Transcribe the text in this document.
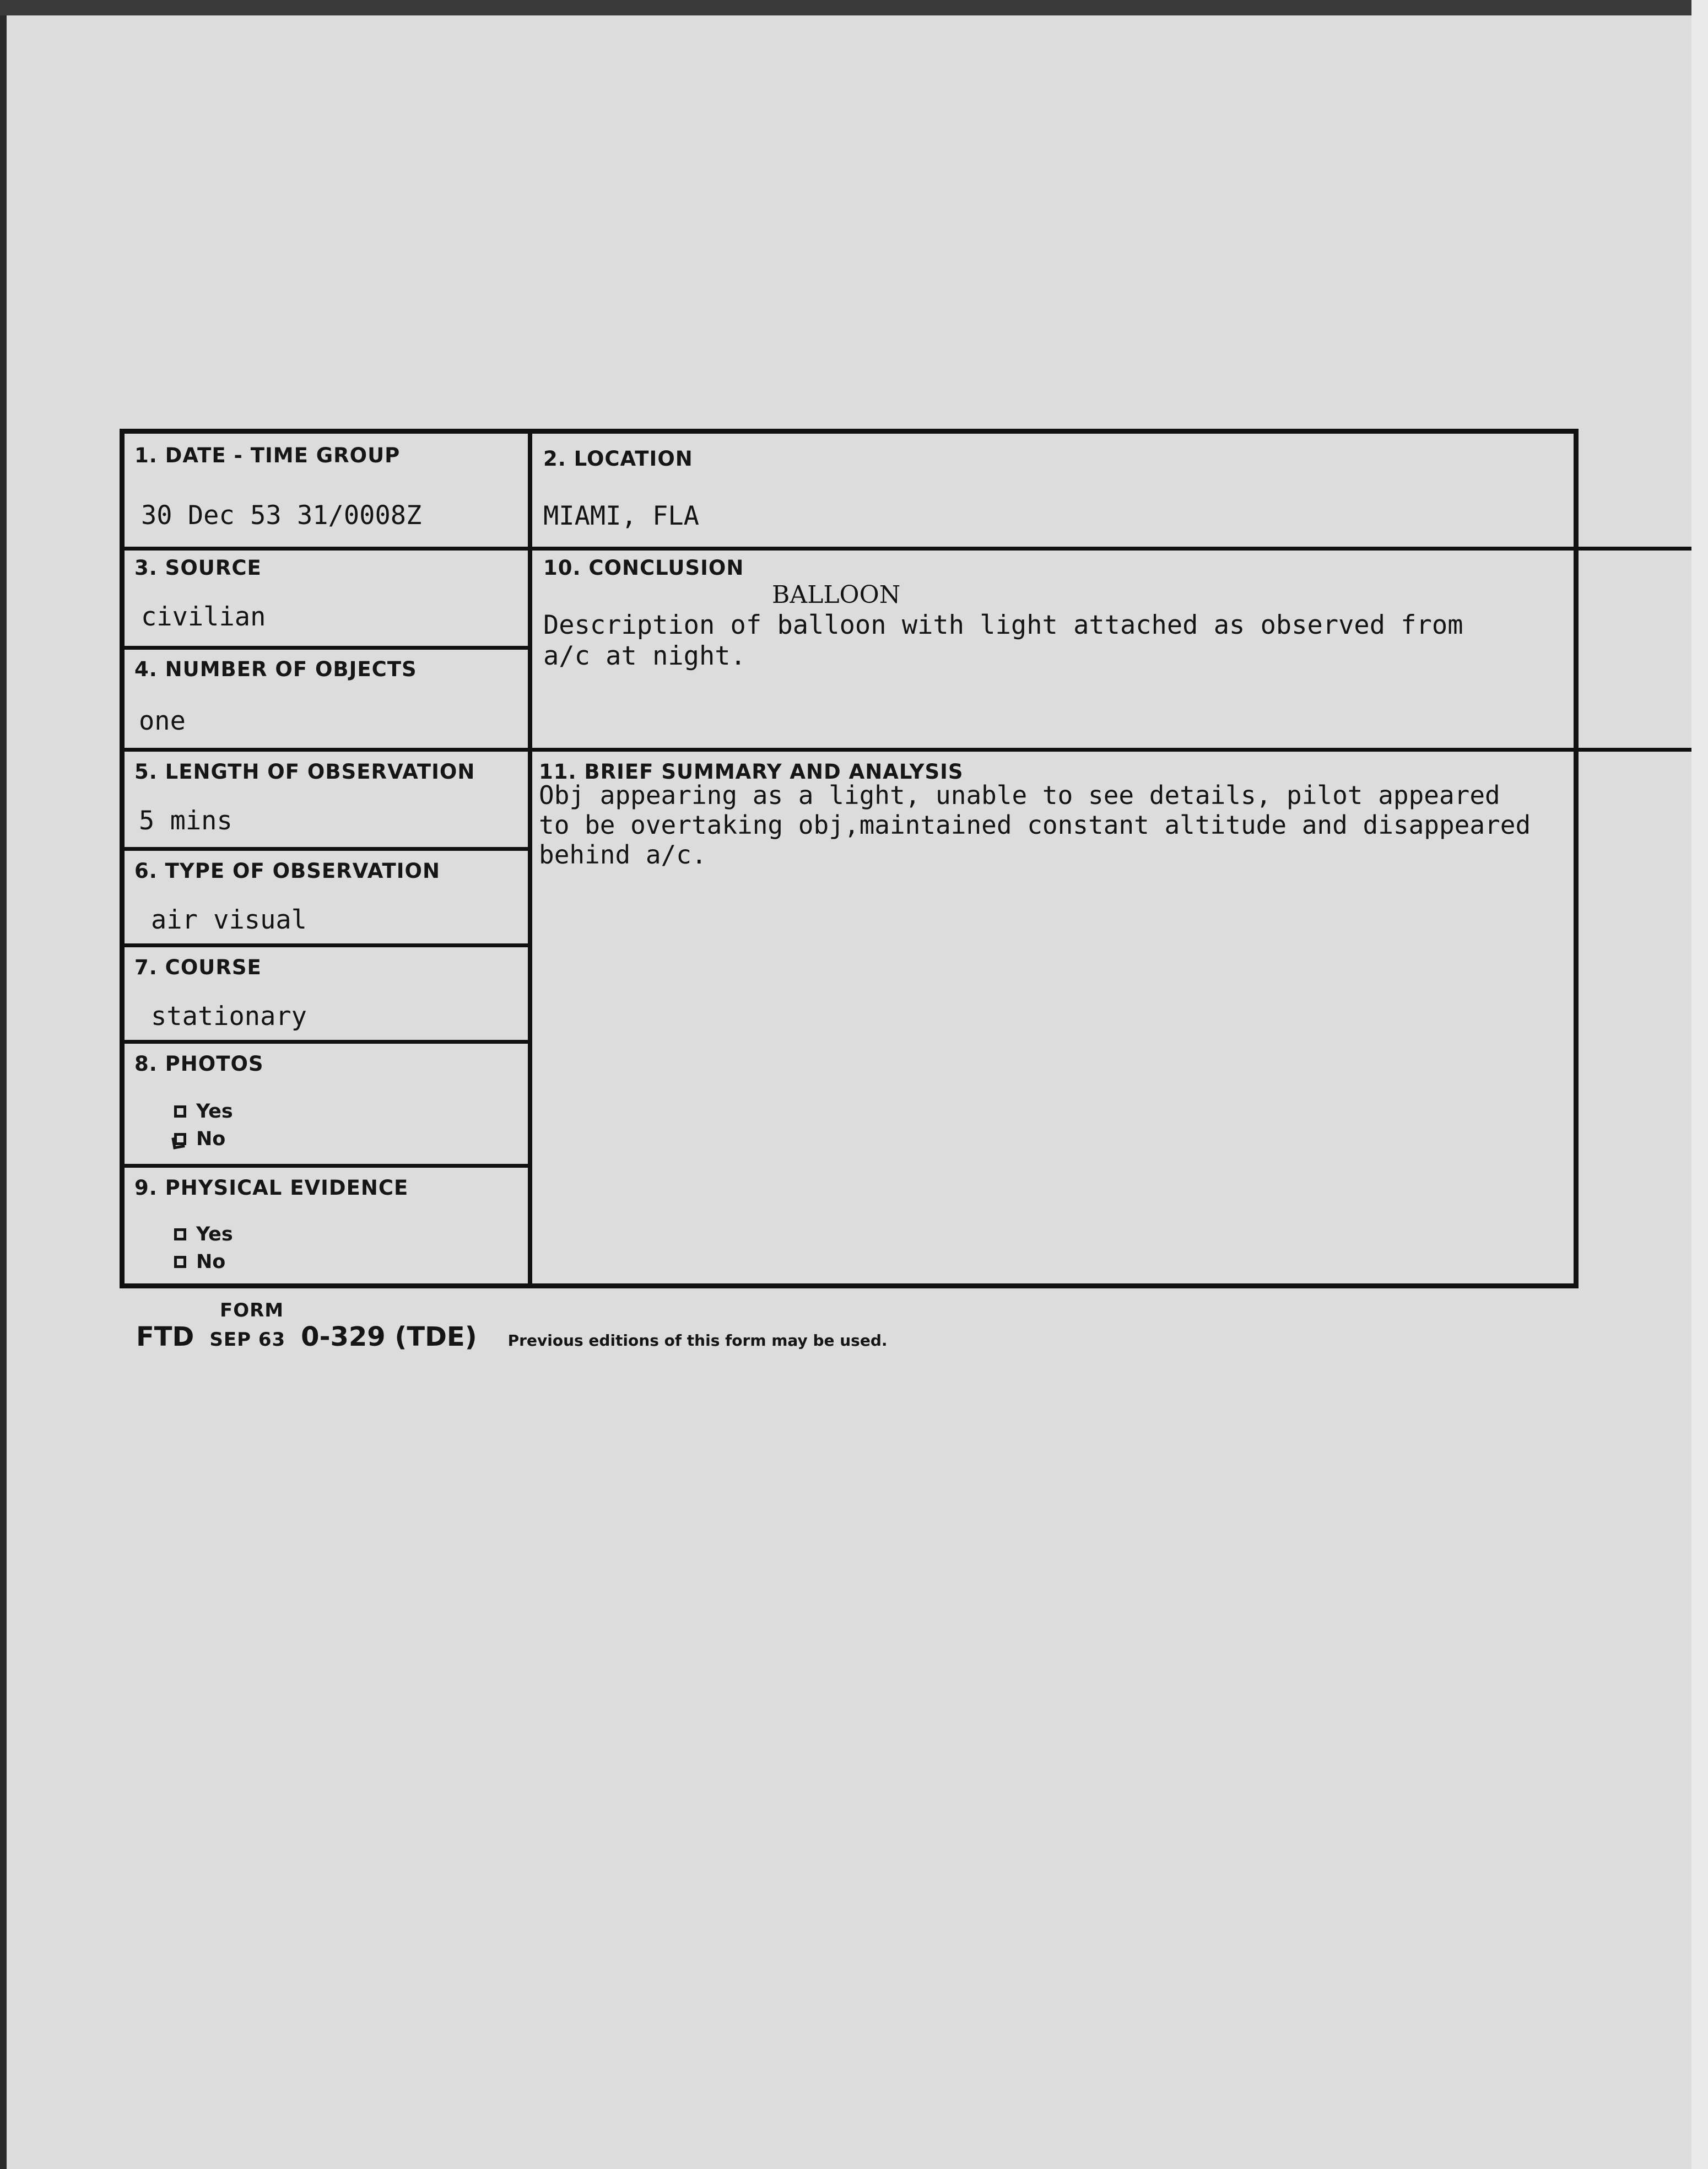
1. DATE - TIME GROUP
30 Dec 53 31/0008Z
2. LOCATION
MIAMI, FLA
3. SOURCE
civilian
4. NUMBER OF OBJECTS
one
10. CONCLUSION
BALLOON
Description of balloon with light attached as observed from
a/c at night.
5. LENGTH OF OBSERVATION
5 mins
6. TYPE OF OBSERVATION
air visual
7. COURSE
stationary
8. PHOTOS
Yes
No
9. PHYSICAL EVIDENCE
Yes
No
11. BRIEF SUMMARY AND ANALYSIS
Obj appearing as a light, unable to see details, pilot appeared
to be overtaking obj,maintained constant altitude and disappeared
behind a/c.
FORM
FTD SEP 63 0-329 (TDE) Previous editions of this form may be used.
